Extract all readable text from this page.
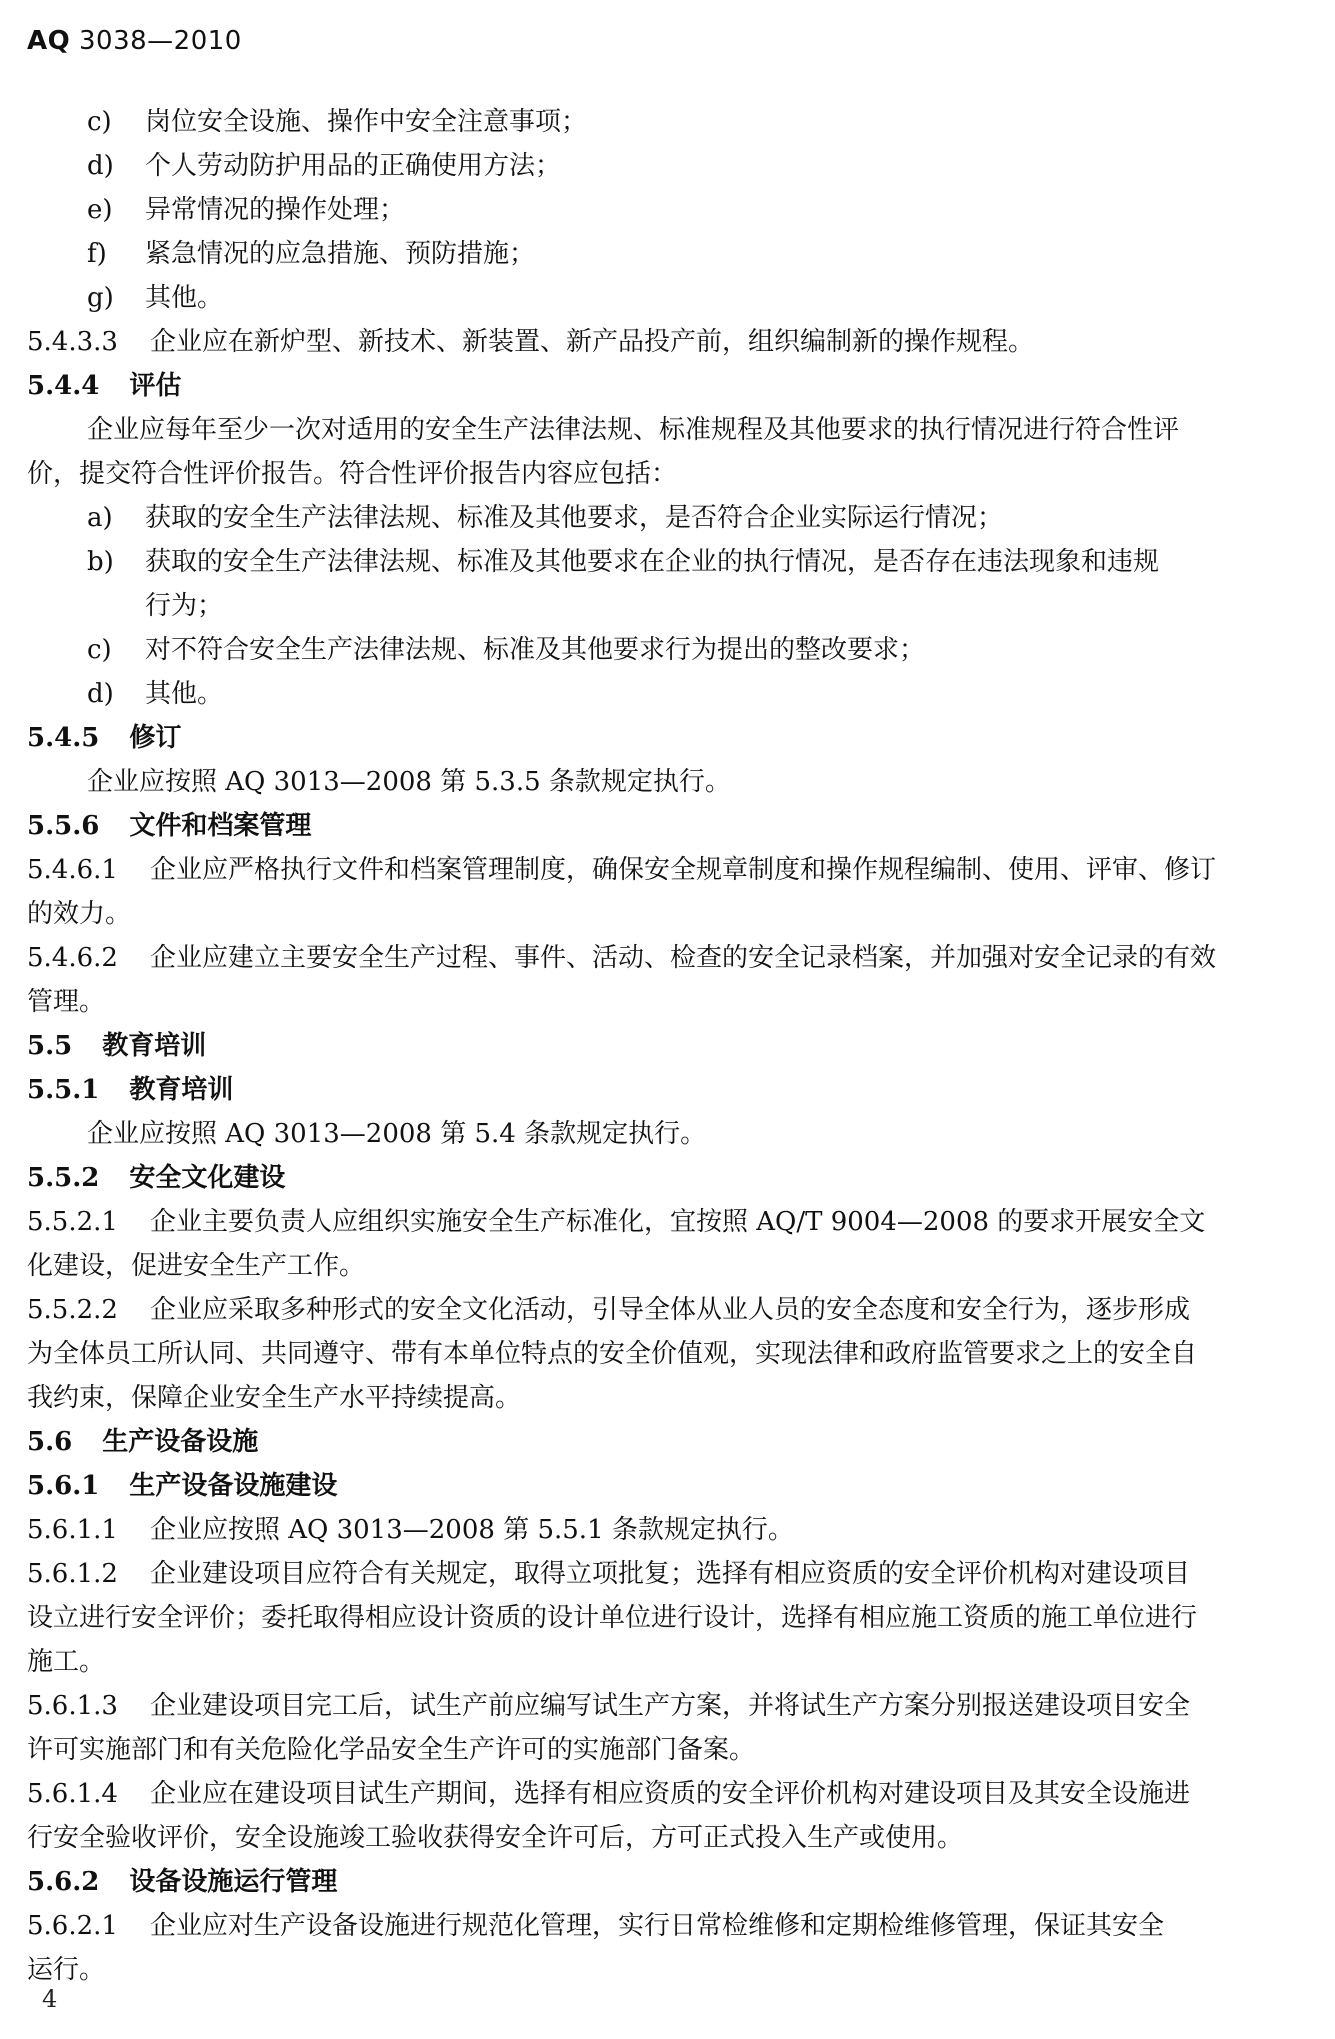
AQ 3038—2010
c) 岗位安全设施、操作中安全注意事项；
d) 个人劳动防护用品的正确使用方法；
e) 异常情况的操作处理；
f) 紧急情况的应急措施、预防措施；
g) 其他。
5.4.3.3 企业应在新炉型、新技术、新装置、新产品投产前，组织编制新的操作规程。
5.4.4 评估
企业应每年至少一次对适用的安全生产法律法规、标准规程及其他要求的执行情况进行符合性评
价，提交符合性评价报告。符合性评价报告内容应包括：
a) 获取的安全生产法律法规、标准及其他要求，是否符合企业实际运行情况；
b) 获取的安全生产法律法规、标准及其他要求在企业的执行情况，是否存在违法现象和违规
行为；
c) 对不符合安全生产法律法规、标准及其他要求行为提出的整改要求；
d) 其他。
5.4.5 修订
企业应按照 AQ 3013—2008 第 5.3.5 条款规定执行。
5.5.6 文件和档案管理
5.4.6.1 企业应严格执行文件和档案管理制度，确保安全规章制度和操作规程编制、使用、评审、修订
的效力。
5.4.6.2 企业应建立主要安全生产过程、事件、活动、检查的安全记录档案，并加强对安全记录的有效
管理。
5.5 教育培训
5.5.1 教育培训
企业应按照 AQ 3013—2008 第 5.4 条款规定执行。
5.5.2 安全文化建设
5.5.2.1 企业主要负责人应组织实施安全生产标准化，宜按照 AQ/T 9004—2008 的要求开展安全文
化建设，促进安全生产工作。
5.5.2.2 企业应采取多种形式的安全文化活动，引导全体从业人员的安全态度和安全行为，逐步形成
为全体员工所认同、共同遵守、带有本单位特点的安全价值观，实现法律和政府监管要求之上的安全自
我约束，保障企业安全生产水平持续提高。
5.6 生产设备设施
5.6.1 生产设备设施建设
5.6.1.1 企业应按照 AQ 3013—2008 第 5.5.1 条款规定执行。
5.6.1.2 企业建设项目应符合有关规定，取得立项批复；选择有相应资质的安全评价机构对建设项目
设立进行安全评价；委托取得相应设计资质的设计单位进行设计，选择有相应施工资质的施工单位进行
施工。
5.6.1.3 企业建设项目完工后，试生产前应编写试生产方案，并将试生产方案分别报送建设项目安全
许可实施部门和有关危险化学品安全生产许可的实施部门备案。
5.6.1.4 企业应在建设项目试生产期间，选择有相应资质的安全评价机构对建设项目及其安全设施进
行安全验收评价，安全设施竣工验收获得安全许可后，方可正式投入生产或使用。
5.6.2 设备设施运行管理
5.6.2.1 企业应对生产设备设施进行规范化管理，实行日常检维修和定期检维修管理，保证其安全
运行。
4
